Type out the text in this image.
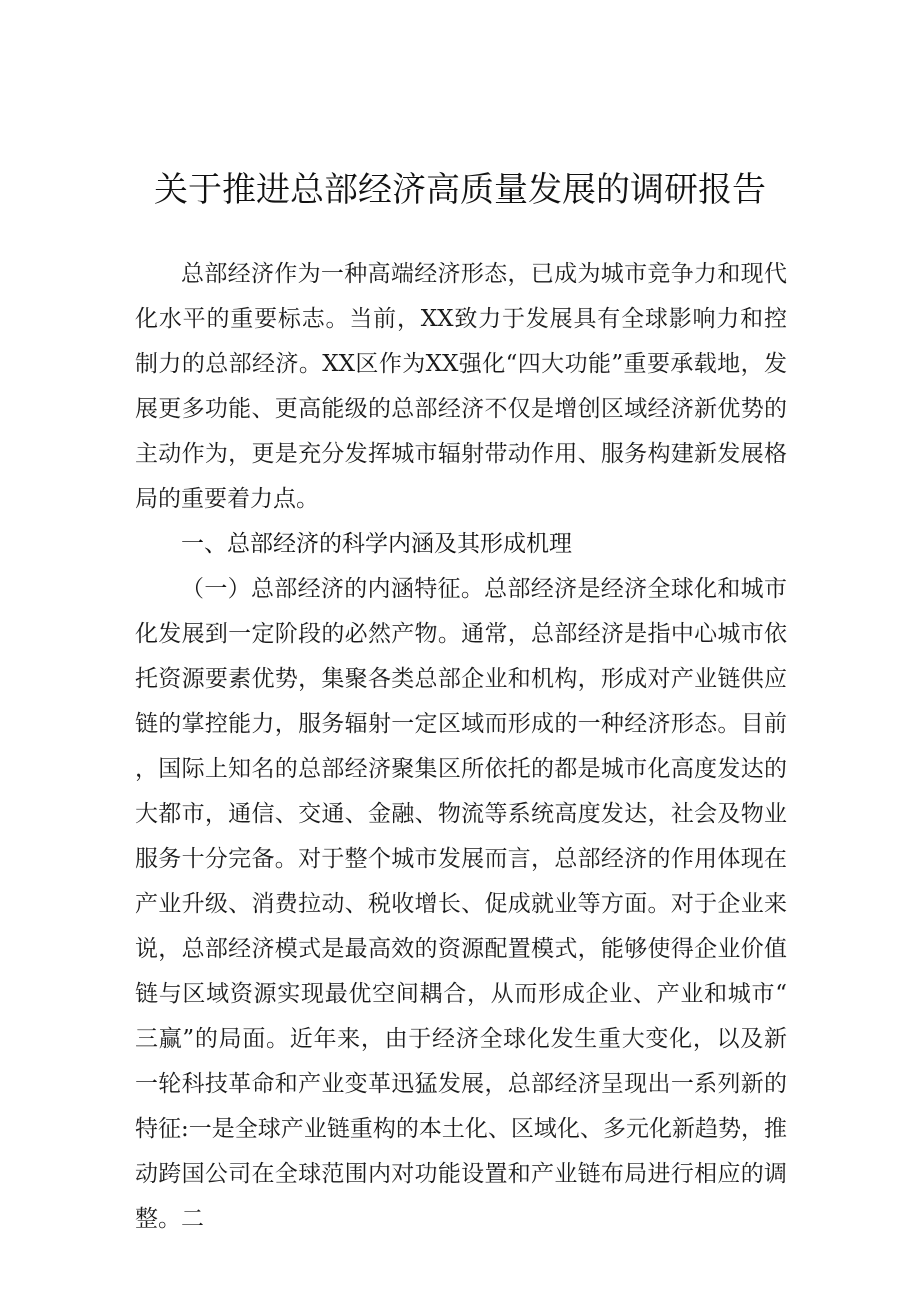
关于推进总部经济高质量发展的调研报告

总部经济作为一种高端经济形态，已成为城市竞争力和现代化水平的重要标志。当前，XX致力于发展具有全球影响力和控制力的总部经济。XX区作为XX强化“四大功能”重要承载地，发展更多功能、更高能级的总部经济不仅是增创区域经济新优势的主动作为，更是充分发挥城市辐射带动作用、服务构建新发展格局的重要着力点。

一、总部经济的科学内涵及其形成机理

（一）总部经济的内涵特征。总部经济是经济全球化和城市化发展到一定阶段的必然产物。通常，总部经济是指中心城市依托资源要素优势，集聚各类总部企业和机构，形成对产业链供应链的掌控能力，服务辐射一定区域而形成的一种经济形态。目前，国际上知名的总部经济聚集区所依托的都是城市化高度发达的大都市，通信、交通、金融、物流等系统高度发达，社会及物业服务十分完备。对于整个城市发展而言，总部经济的作用体现在产业升级、消费拉动、税收增长、促成就业等方面。对于企业来说，总部经济模式是最高效的资源配置模式，能够使得企业价值链与区域资源实现最优空间耦合，从而形成企业、产业和城市“三赢”的局面。近年来，由于经济全球化发生重大变化，以及新一轮科技革命和产业变革迅猛发展，总部经济呈现出一系列新的特征:一是全球产业链重构的本土化、区域化、多元化新趋势，推动跨国公司在全球范围内对功能设置和产业链布局进行相应的调整。二
